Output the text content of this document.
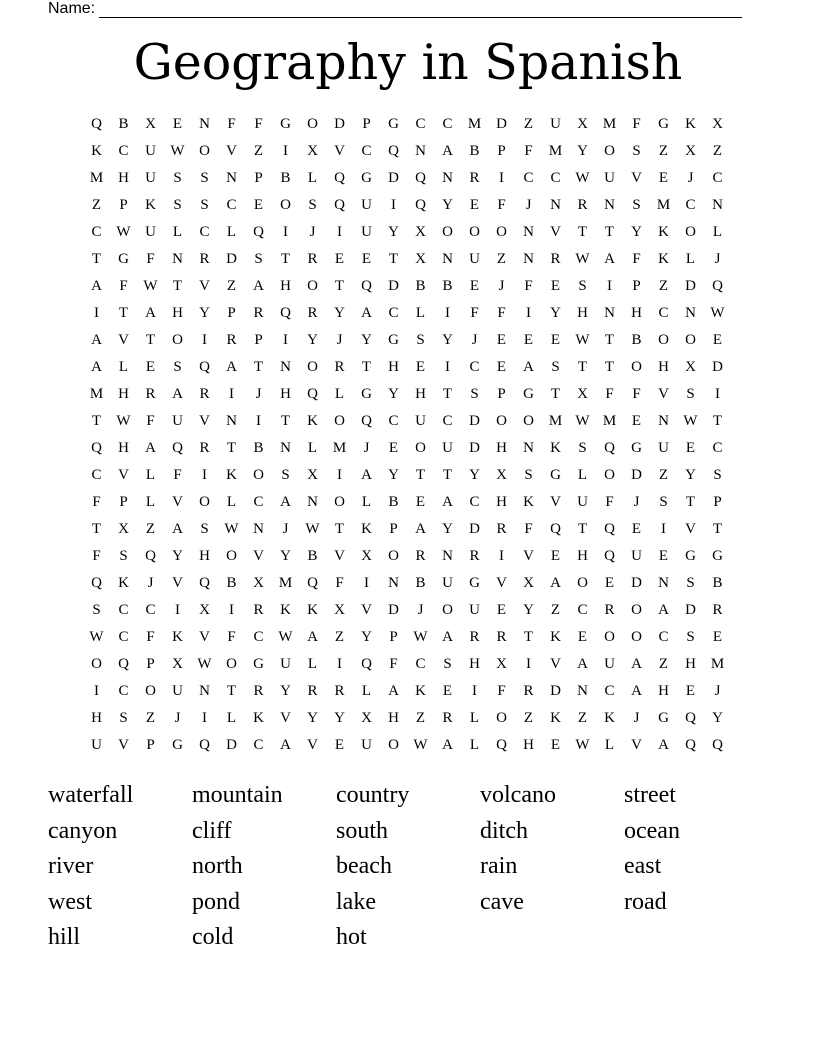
Name:
Geography in Spanish
Q	B	X	E	N	F	F	G	O	D	P	G	C	C	M D	Z	U	X M	F	G	K	X
K	C	U W O	V	Z	I	X	V	C	Q	N	A	B	P	F	M Y	O	S	Z	X	Z
M H	U	S	S	N	P	B	L	Q	G	D	Q	N	R	I	C	C W U	V	E	J	C
Z	P	K	S	S	C	E	O	S	Q	U	I	Q	Y	E	F	J	N	R	N	S	M	C	N
C W U	L	C	L	Q	I	J	I	U	Y	X	O	O	O	N	V	T	T	Y	K	O	L
T	G	F	N	R	D	S	T	R	E	E	T	X	N	U	Z	N	R W A	F	K	L	J
A	F	W	T	V	Z	A	H	O	T	Q	D	B	B	E	J	F	E	S	I	P	Z	D	Q
I	T	A	H	Y	P	R	Q	R	Y	A	C	L	I	F	F	I	Y	H	N	H	C	N W
A	V	T	O	I	R	P	I	Y	J	Y	G	S	Y	J	E	E	E	W	T	B	O	O	E
A	L	E	S	Q	A	T	N	O	R	T	H	E	I	C	E	A	S	T	T	O	H	X	D
M H	R	A	R	I	J	H	Q	L	G	Y	H	T	S	P	G	T	X	F	F	V	S	I
T	W	F	U	V	N	I	T	K	O	Q	C	U	C	D	O	O M W M	E	N W	T
Q	H	A	Q	R	T	B	N	L	M	J	E	O	U	D	H	N	K	S	Q	G	U	E	C
C	V	L	F	I	K	O	S	X	I	A	Y	T	T	Y	X	S	G	L	O	D	Z	Y	S
F	P	L	V	O	L	C	A	N	O	L	B	E	A	C	H	K	V	U	F	J	S	T	P
T	X	Z	A	S	W N	J	W	T	K	P	A	Y	D	R	F	Q	T	Q	E	I	V	T
F	S	Q	Y	H	O	V	Y	B	V	X	O	R	N	R	I	V	E	H	Q	U	E	G	G
Q	K	J	V	Q	B	X M Q	F	I	N	B	U	G	V	X	A	O	E	D	N	S	B
S	C	C	I	X	I	R	K	K	X	V	D	J	O	U	E	Y	Z	C	R	O	A	D	R
W C	F	K	V	F	C W A	Z	Y	P	W A	R	R	T	K	E	O	O	C	S	E
O	Q	P	X W O	G	U	L	I	Q	F	C	S	H	X	I	V	A	U	A	Z	H M
I	C	O	U	N	T	R	Y	R	R	L	A	K	E	I	F	R	D	N	C	A	H	E	J
H	S	Z	J	I	L	K	V	Y	Y	X	H	Z	R	L	O	Z	K	Z	K	J	G	Q	Y
U	V	P	G	Q	D	C	A	V	E	U	O W A	L	Q	H	E	W	L	V	A	Q	Q
waterfall	mountain	country	volcano	street
canyon	cliff	south	ditch	ocean
river	north	beach	rain	east
west	pond	lake	cave	road
hill	cold	hot
